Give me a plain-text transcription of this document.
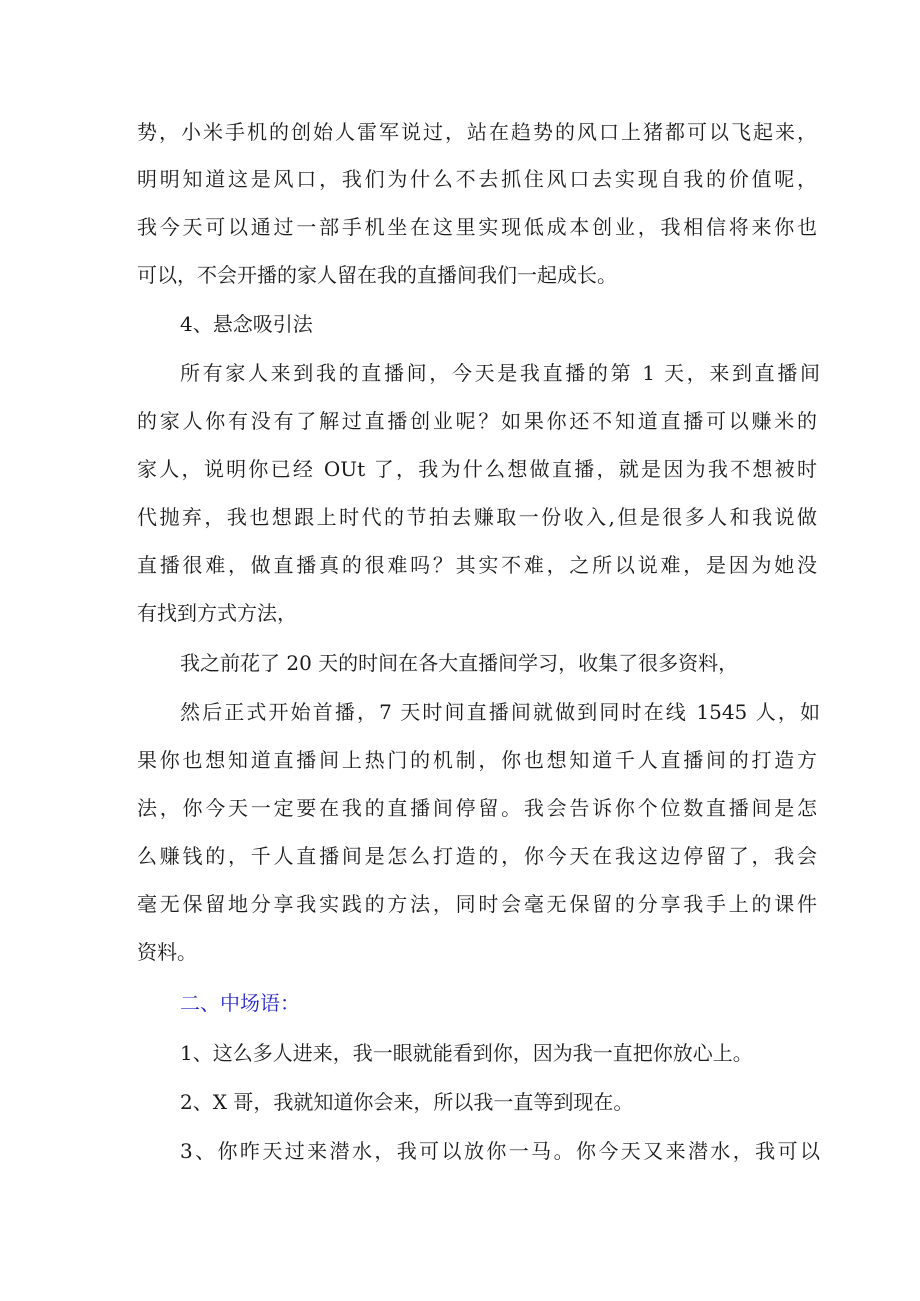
势，小米手机的创始人雷军说过，站在趋势的风口上猪都可以飞起来，
明明知道这是风口，我们为什么不去抓住风口去实现自我的价值呢，
我今天可以通过一部手机坐在这里实现低成本创业，我相信将来你也
可以，不会开播的家人留在我的直播间我们一起成长。
4、悬念吸引法
所有家人来到我的直播间，今天是我直播的第 1 天，来到直播间
的家人你有没有了解过直播创业呢？如果你还不知道直播可以赚米的
家人，说明你已经 OUt 了，我为什么想做直播，就是因为我不想被时
代抛弃，我也想跟上时代的节拍去赚取一份收入,但是很多人和我说做
直播很难，做直播真的很难吗？其实不难，之所以说难，是因为她没
有找到方式方法，
我之前花了 20 天的时间在各大直播间学习，收集了很多资料，
然后正式开始首播，7 天时间直播间就做到同时在线 1545 人，如
果你也想知道直播间上热门的机制，你也想知道千人直播间的打造方
法，你今天一定要在我的直播间停留。我会告诉你个位数直播间是怎
么赚钱的，千人直播间是怎么打造的，你今天在我这边停留了，我会
毫无保留地分享我实践的方法，同时会毫无保留的分享我手上的课件
资料。
二、中场语：
1、这么多人进来，我一眼就能看到你，因为我一直把你放心上。
2、X 哥，我就知道你会来，所以我一直等到现在。
3、你昨天过来潜水，我可以放你一马。你今天又来潜水，我可以
